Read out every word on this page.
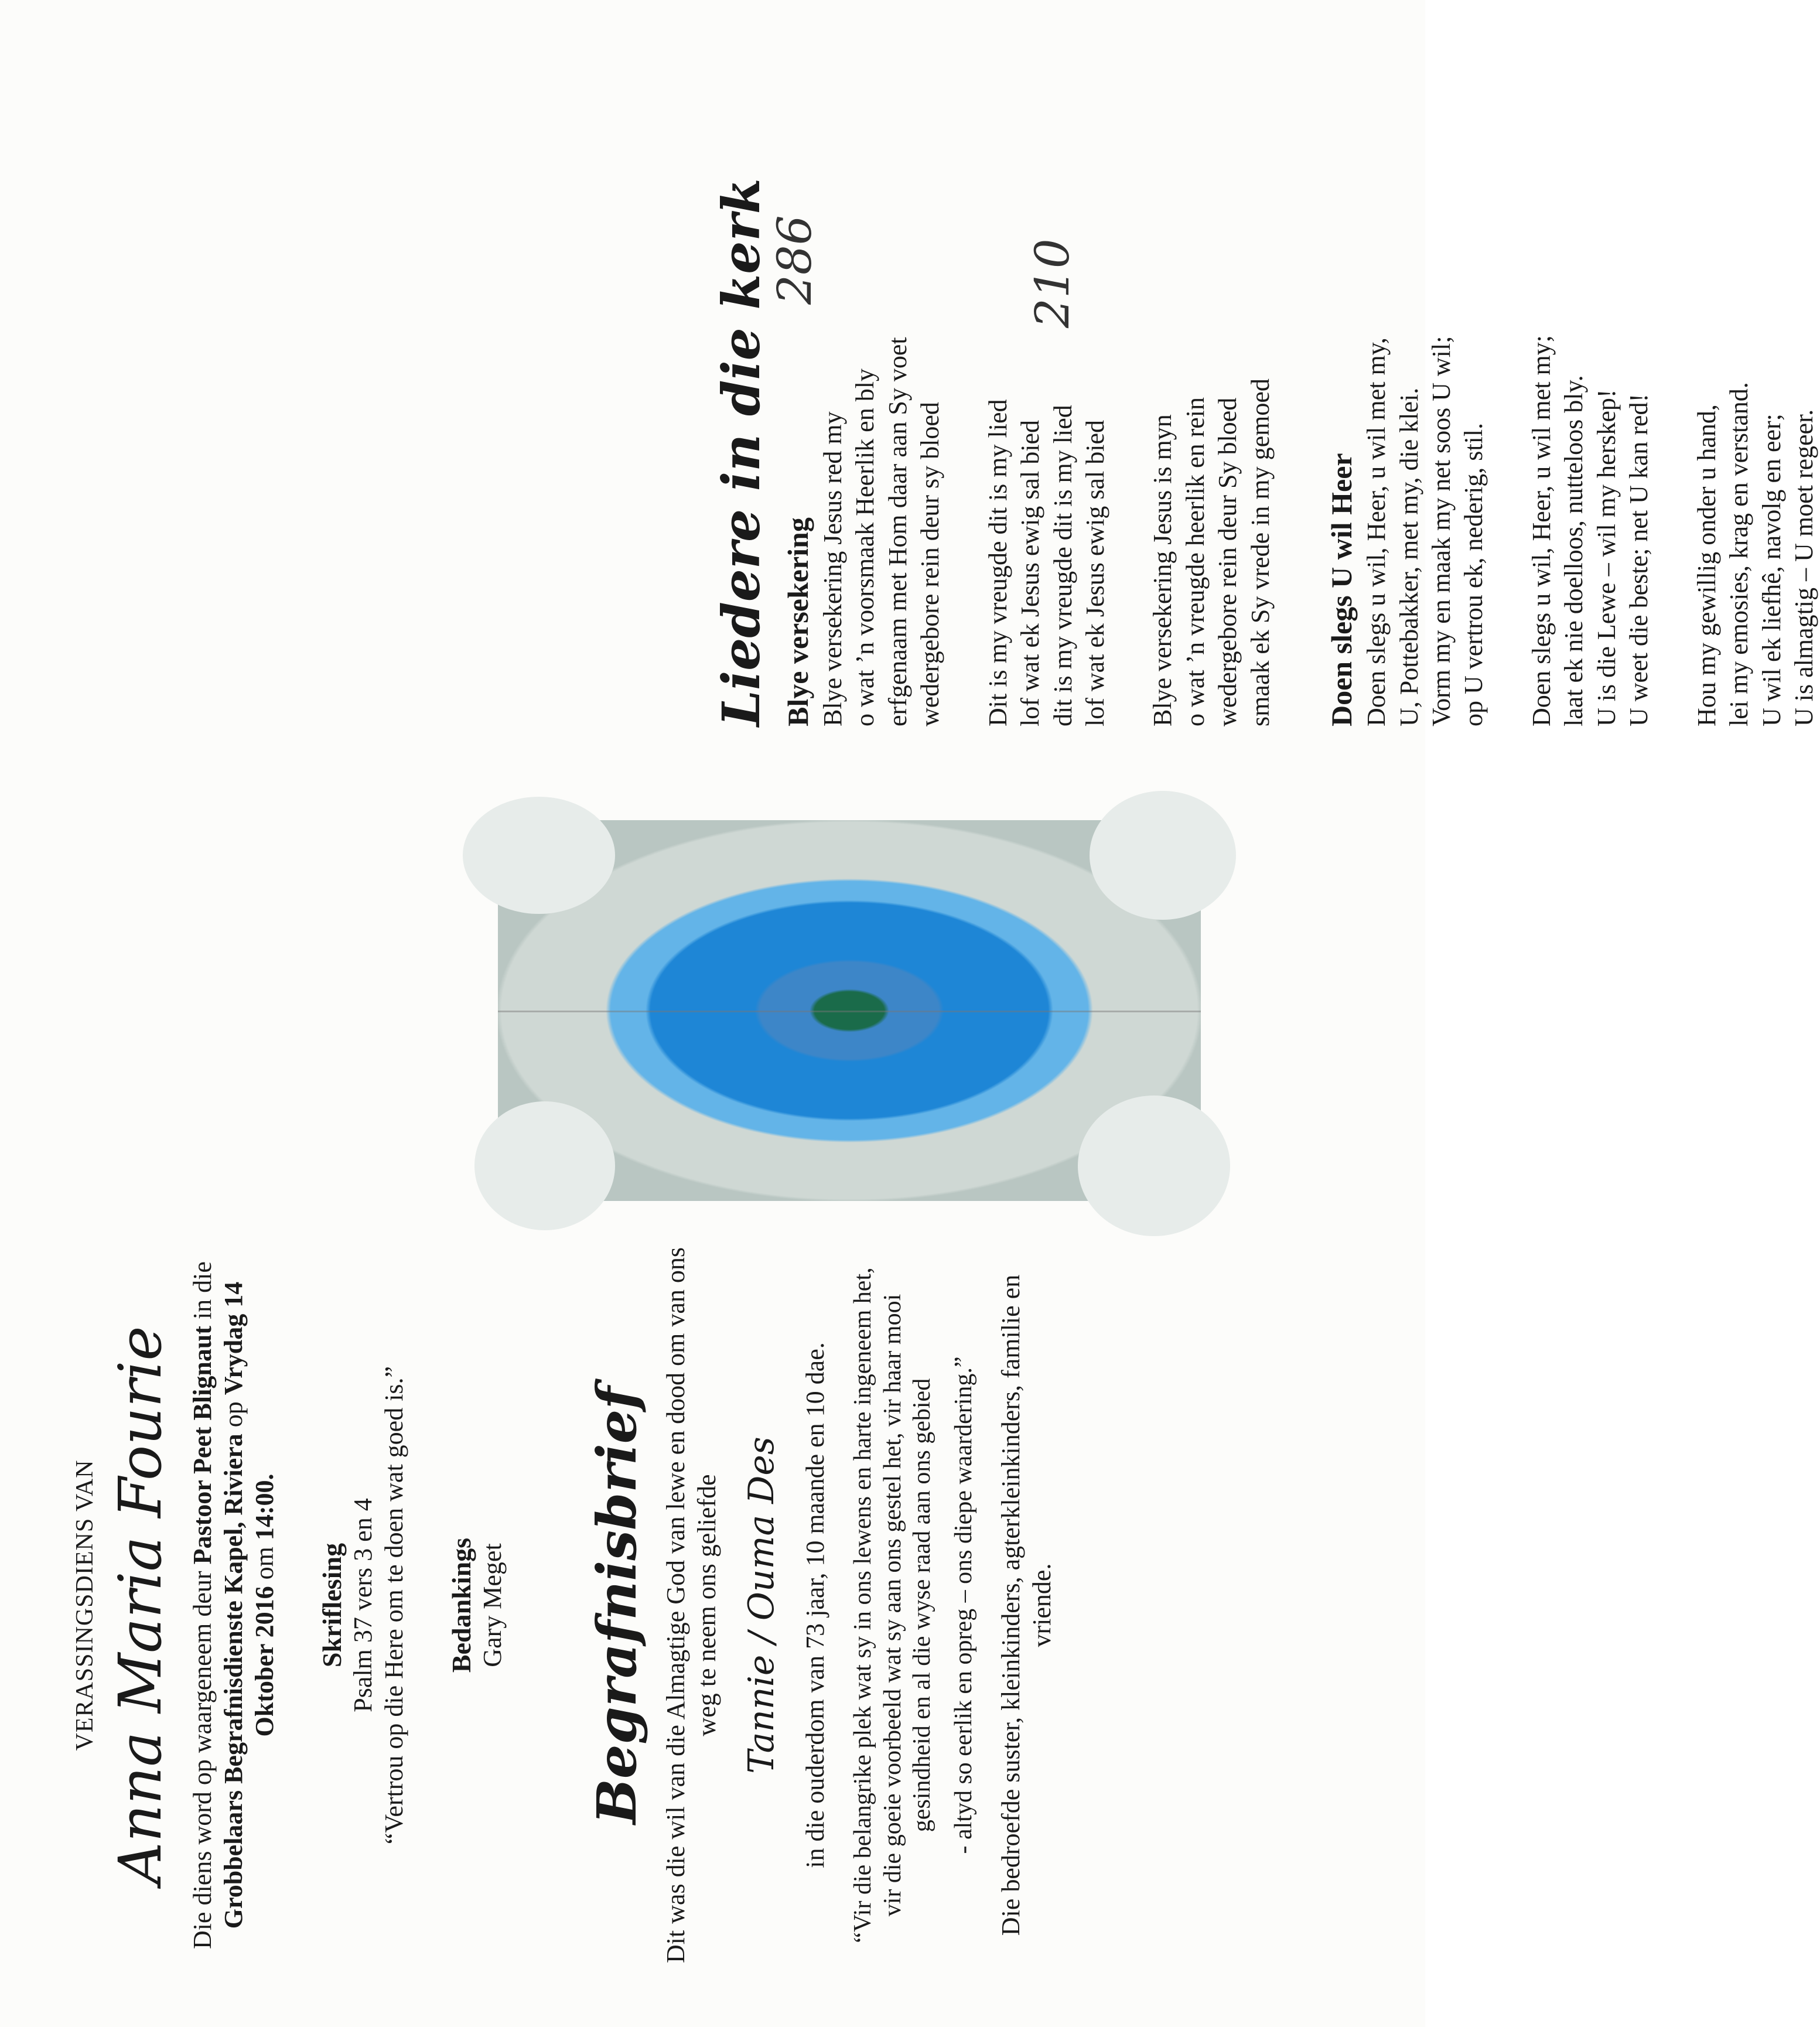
VERASSINGSDIENS VAN Anna Maria Fourie Die diens word op waargeneem deur Pastoor Peet Blignaut in die Grobbelaars Begrafnisdienste Kapel, Riviera op Vrydag 14 Oktober 2016 om 14:00.
Skriflesing Psalm 37 vers 3 en 4 “Vertrou op die Here om te doen wat goed is.” Bedankings Gary Meget Begrafnisbrief Dit was die wil van die Almagtige God van lewe en dood om van ons weg te neem ons geliefde Tannie / Ouma Des in die ouderdom van 73 jaar, 10 maande en 10 dae. “Vir die belangrike plek wat sy in ons lewens en harte ingeneem het, vir die goeie voorbeeld wat sy aan ons gestel het, vir haar mooi gesindheid en al die wyse raad aan ons gebied - altyd so eerlik en opreg – ons diepe waardering.” Die bedroefde suster, kleinkinders, agterkleinkinders, familie en vriende.
Liedere in die kerk Blye versekering Blye versekering Jesus red my o wat ’n voorsmaak Heerlik en bly erfgenaam met Hom daar aan Sy voet wedergebore rein deur sy bloed Dit is my vreugde dit is my lied lof wat ek Jesus ewig sal bied dit is my vreugde dit is my lied lof wat ek Jesus ewig sal bied Blye versekering Jesus is myn o wat ’n vreugde heerlik en rein wedergebore rein deur Sy bloed smaak ek Sy vrede in my gemoed Doen slegs U wil Heer Doen slegs u wil, Heer, u wil met my, U, Pottebakker, met my, die klei. Vorm my en maak my net soos U wil; op U vertrou ek, nederig, stil. Doen slegs u wil, Heer, u wil met my; laat ek nie doelloos, nutteloos bly. U is die Lewe – wil my herskep! U weet die beste; net U kan red! Hou my gewillig onder u hand, lei my emosies, krag en verstand. U wil ek liefhê, navolg en eer; U is almagtig – U moet regeer.
210
286
